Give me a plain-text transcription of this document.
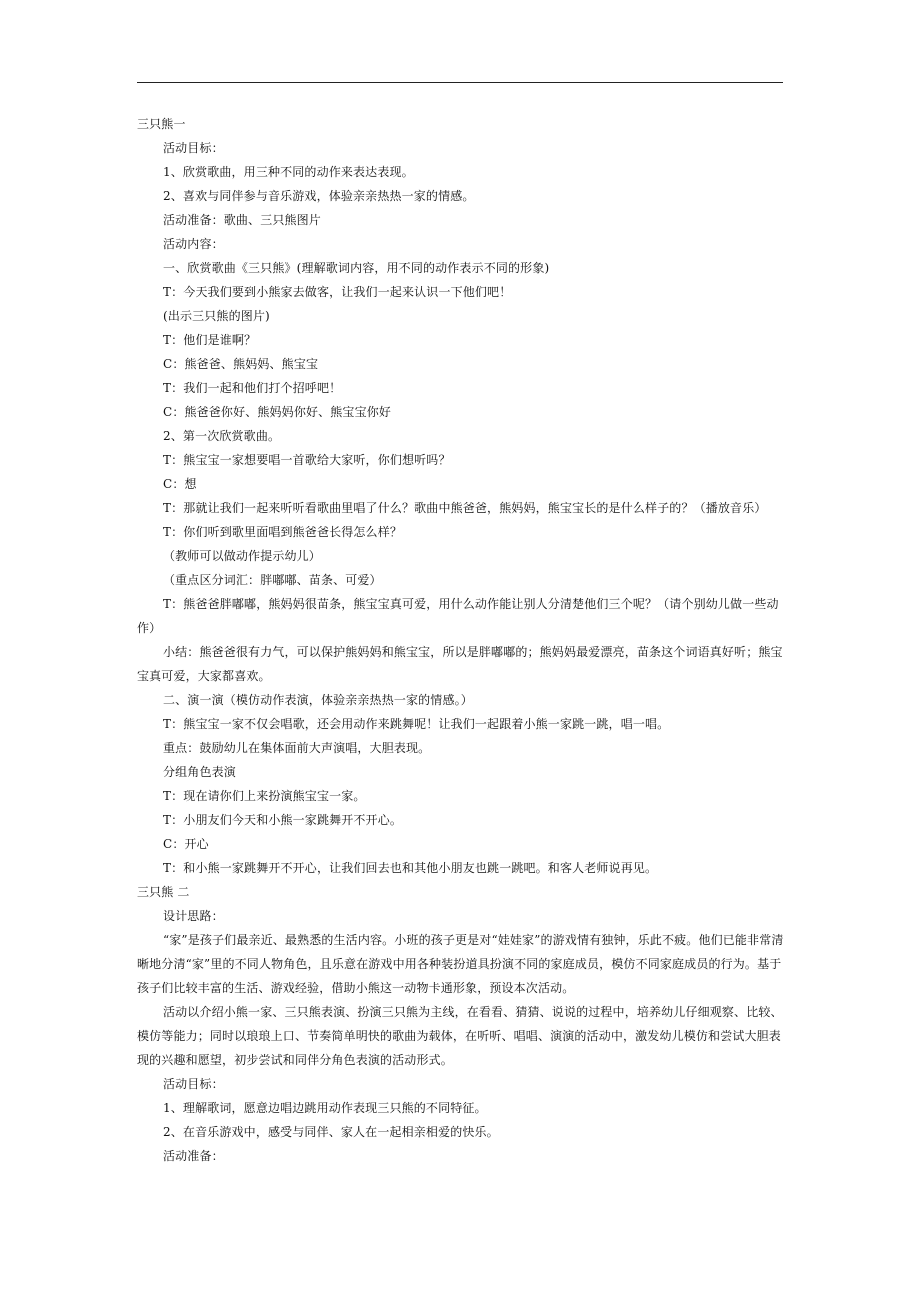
三只熊一
活动目标：
1、欣赏歌曲，用三种不同的动作来表达表现。
2、喜欢与同伴参与音乐游戏，体验亲亲热热一家的情感。
活动准备：歌曲、三只熊图片
活动内容：
一、欣赏歌曲《三只熊》(理解歌词内容，用不同的动作表示不同的形象)
T：今天我们要到小熊家去做客，让我们一起来认识一下他们吧！
(出示三只熊的图片)
T：他们是谁啊？
C：熊爸爸、熊妈妈、熊宝宝
T：我们一起和他们打个招呼吧！
C：熊爸爸你好、熊妈妈你好、熊宝宝你好
2、第一次欣赏歌曲。
T：熊宝宝一家想要唱一首歌给大家听，你们想听吗？
C：想
T：那就让我们一起来听听看歌曲里唱了什么？歌曲中熊爸爸，熊妈妈，熊宝宝长的是什么样子的？（播放音乐）
T：你们听到歌里面唱到熊爸爸长得怎么样？
（教师可以做动作提示幼儿）
（重点区分词汇：胖嘟嘟、苗条、可爱）
T：熊爸爸胖嘟嘟，熊妈妈很苗条，熊宝宝真可爱，用什么动作能让别人分清楚他们三个呢？（请个别幼儿做一些动作）
小结：熊爸爸很有力气，可以保护熊妈妈和熊宝宝，所以是胖嘟嘟的；熊妈妈最爱漂亮，苗条这个词语真好听；熊宝宝真可爱，大家都喜欢。
二、演一演（模仿动作表演，体验亲亲热热一家的情感。）
T：熊宝宝一家不仅会唱歌，还会用动作来跳舞呢！让我们一起跟着小熊一家跳一跳，唱一唱。
重点：鼓励幼儿在集体面前大声演唱，大胆表现。
分组角色表演
T：现在请你们上来扮演熊宝宝一家。
T：小朋友们今天和小熊一家跳舞开不开心。
C：开心
T：和小熊一家跳舞开不开心，让我们回去也和其他小朋友也跳一跳吧。和客人老师说再见。
三只熊 二
设计思路：
“家”是孩子们最亲近、最熟悉的生活内容。小班的孩子更是对“娃娃家”的游戏情有独钟，乐此不疲。他们已能非常清晰地分清“家”里的不同人物角色，且乐意在游戏中用各种装扮道具扮演不同的家庭成员，模仿不同家庭成员的行为。基于孩子们比较丰富的生活、游戏经验，借助小熊这一动物卡通形象，预设本次活动。
活动以介绍小熊一家、三只熊表演、扮演三只熊为主线，在看看、猜猜、说说的过程中，培养幼儿仔细观察、比较、模仿等能力；同时以琅琅上口、节奏简单明快的歌曲为载体，在听听、唱唱、演演的活动中，激发幼儿模仿和尝试大胆表现的兴趣和愿望，初步尝试和同伴分角色表演的活动形式。
活动目标：
1、理解歌词，愿意边唱边跳用动作表现三只熊的不同特征。
2、在音乐游戏中，感受与同伴、家人在一起相亲相爱的快乐。
活动准备：
